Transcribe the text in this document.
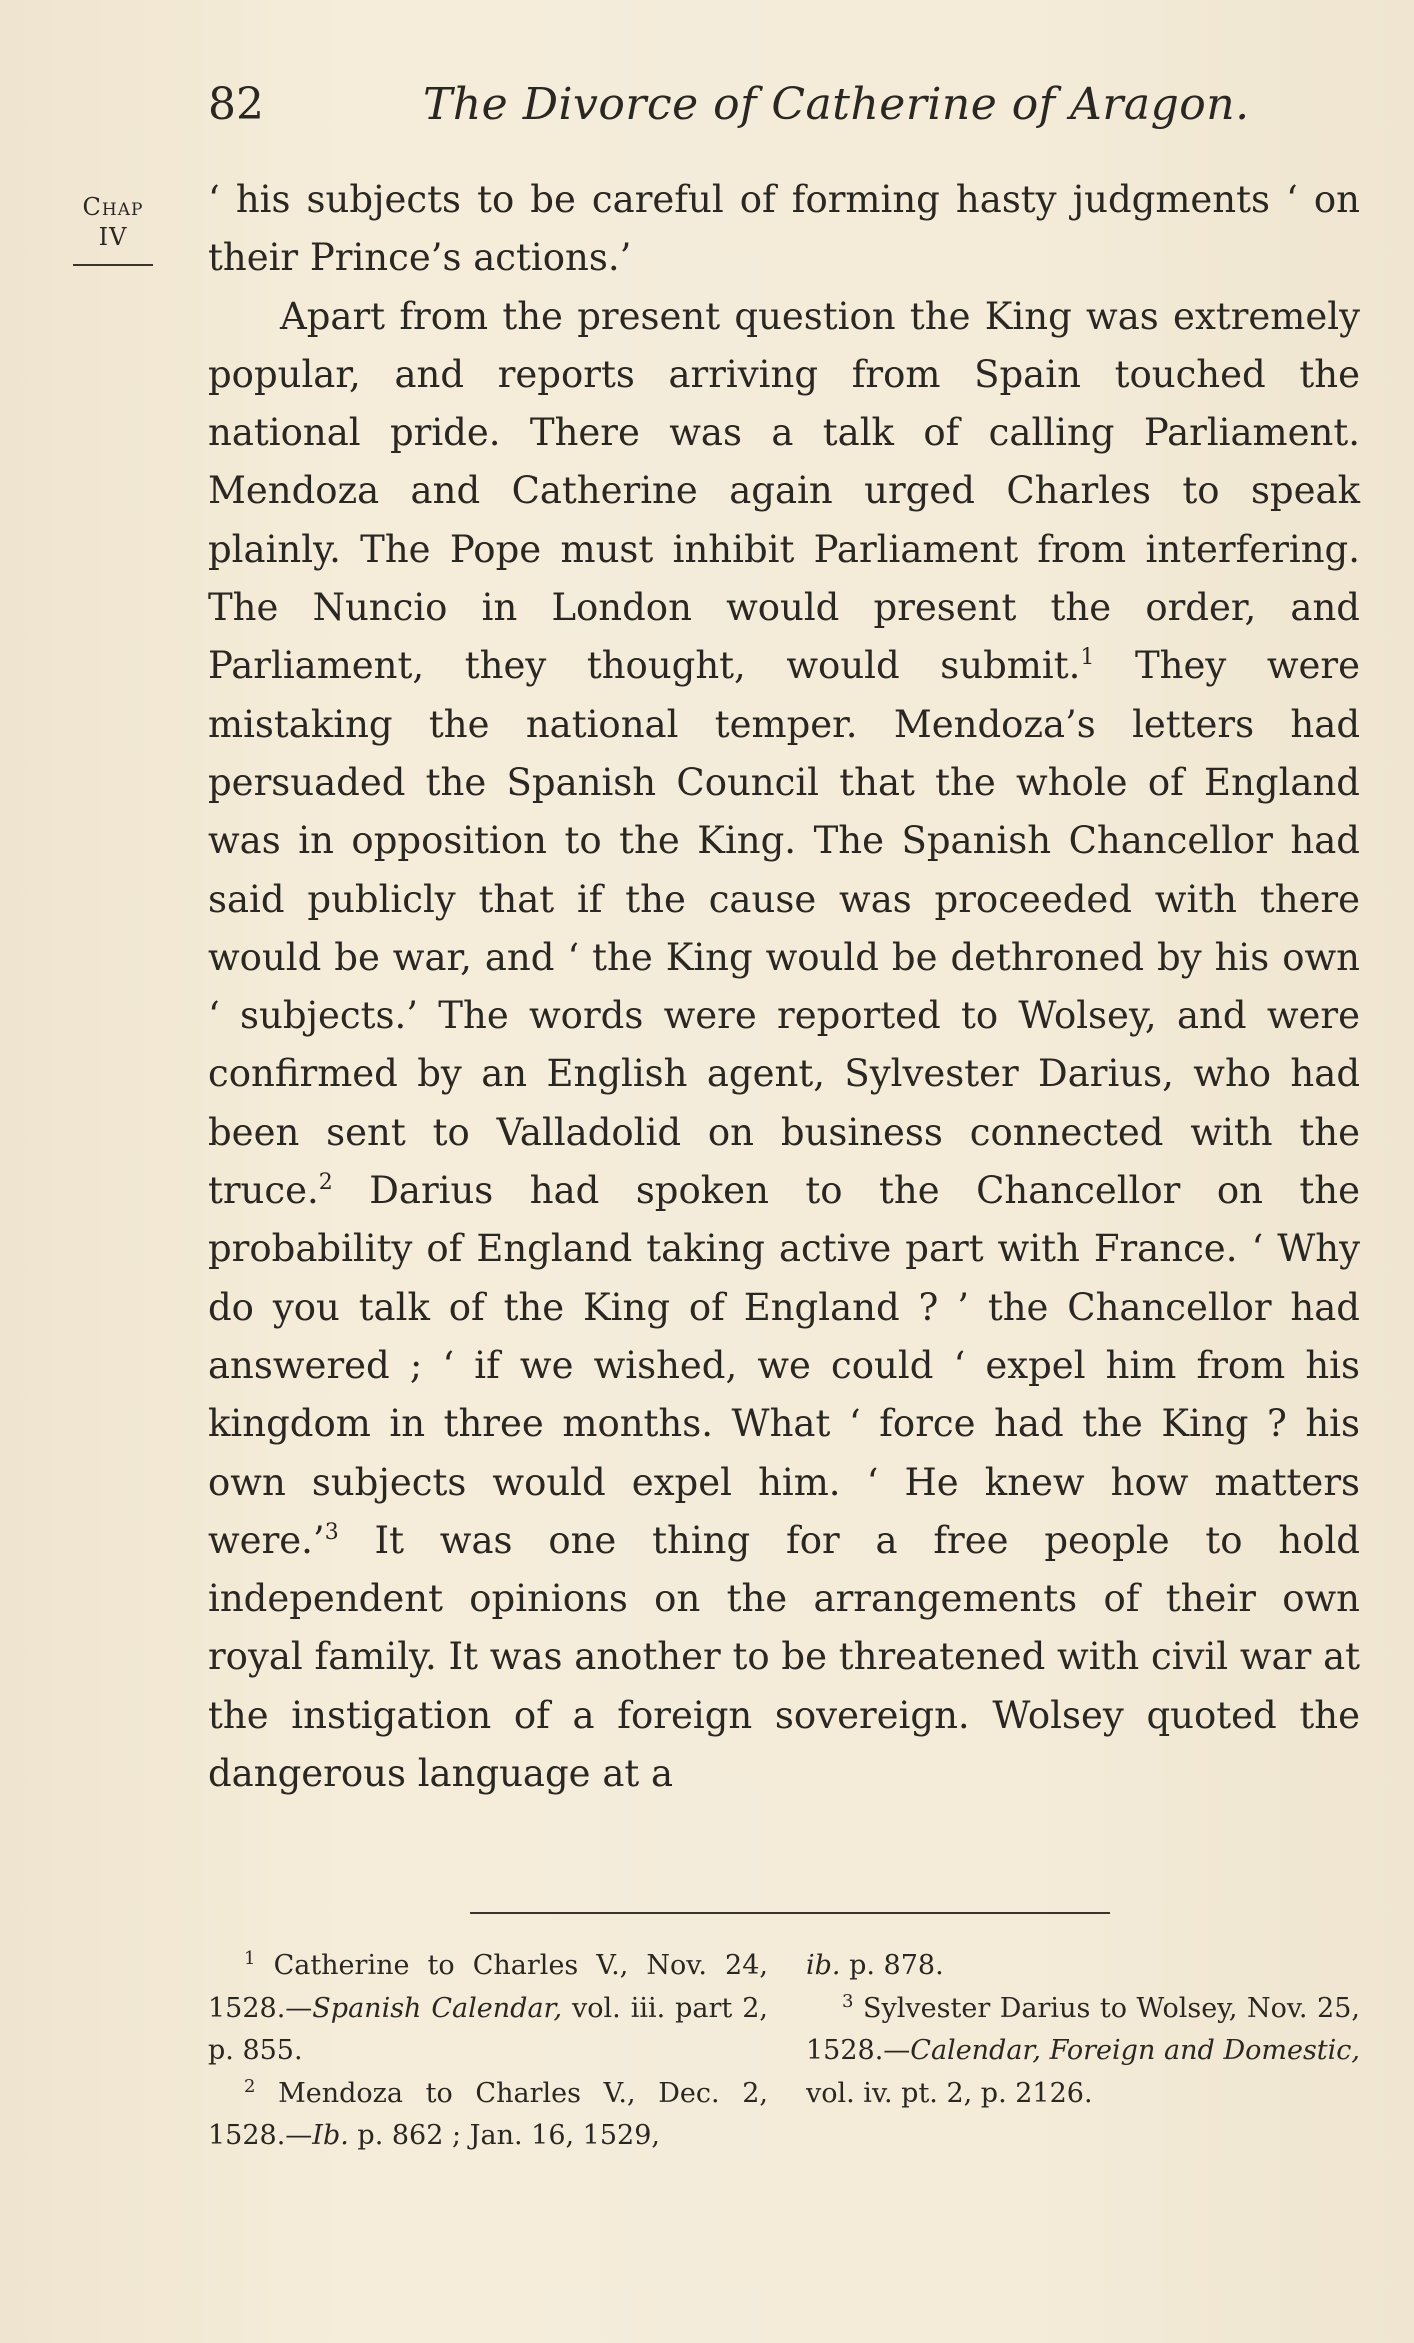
82	The Divorce of Catherine of Aragon.
Chap
IV

‘ his subjects to be careful of forming hasty judgments ‘ on their Prince’s actions.’

Apart from the present question the King was extremely popular, and reports arriving from Spain touched the national pride. There was a talk of calling Parliament. Mendoza and Catherine again urged Charles to speak plainly. The Pope must inhibit Parliament from interfering. The Nuncio in London would present the order, and Parliament, they thought, would submit.$^1$ They were mistaking the national temper. Mendoza’s letters had persuaded the Spanish Council that the whole of England was in opposition to the King. The Spanish Chancellor had said publicly that if the cause was proceeded with there would be war, and ‘ the King would be dethroned by his own ‘ subjects.’ The words were reported to Wolsey, and were confirmed by an English agent, Sylvester Darius, who had been sent to Valladolid on business connected with the truce.$^2$ Darius had spoken to the Chancellor on the probability of England taking active part with France. ‘ Why do you talk of the King of England ? ’ the Chancellor had answered ; ‘ if we wished, we could ‘ expel him from his kingdom in three months. What ‘ force had the King ? his own subjects would expel him. ‘ He knew how matters were.’$^3$ It was one thing for a free people to hold independent opinions on the arrangements of their own royal family. It was another to be threatened with civil war at the instigation of a foreign sovereign. Wolsey quoted the dangerous language at a

$^1$ Catherine to Charles V., Nov. 24, 1528.—Spanish Calendar, vol. iii. part 2, p. 855.
$^2$ Mendoza to Charles V., Dec. 2, 1528.—Ib. p. 862 ; Jan. 16, 1529,
ib. p. 878.
$^3$ Sylvester Darius to Wolsey, Nov. 25, 1528.—Calendar, Foreign and Domestic, vol. iv. pt. 2, p. 2126.
